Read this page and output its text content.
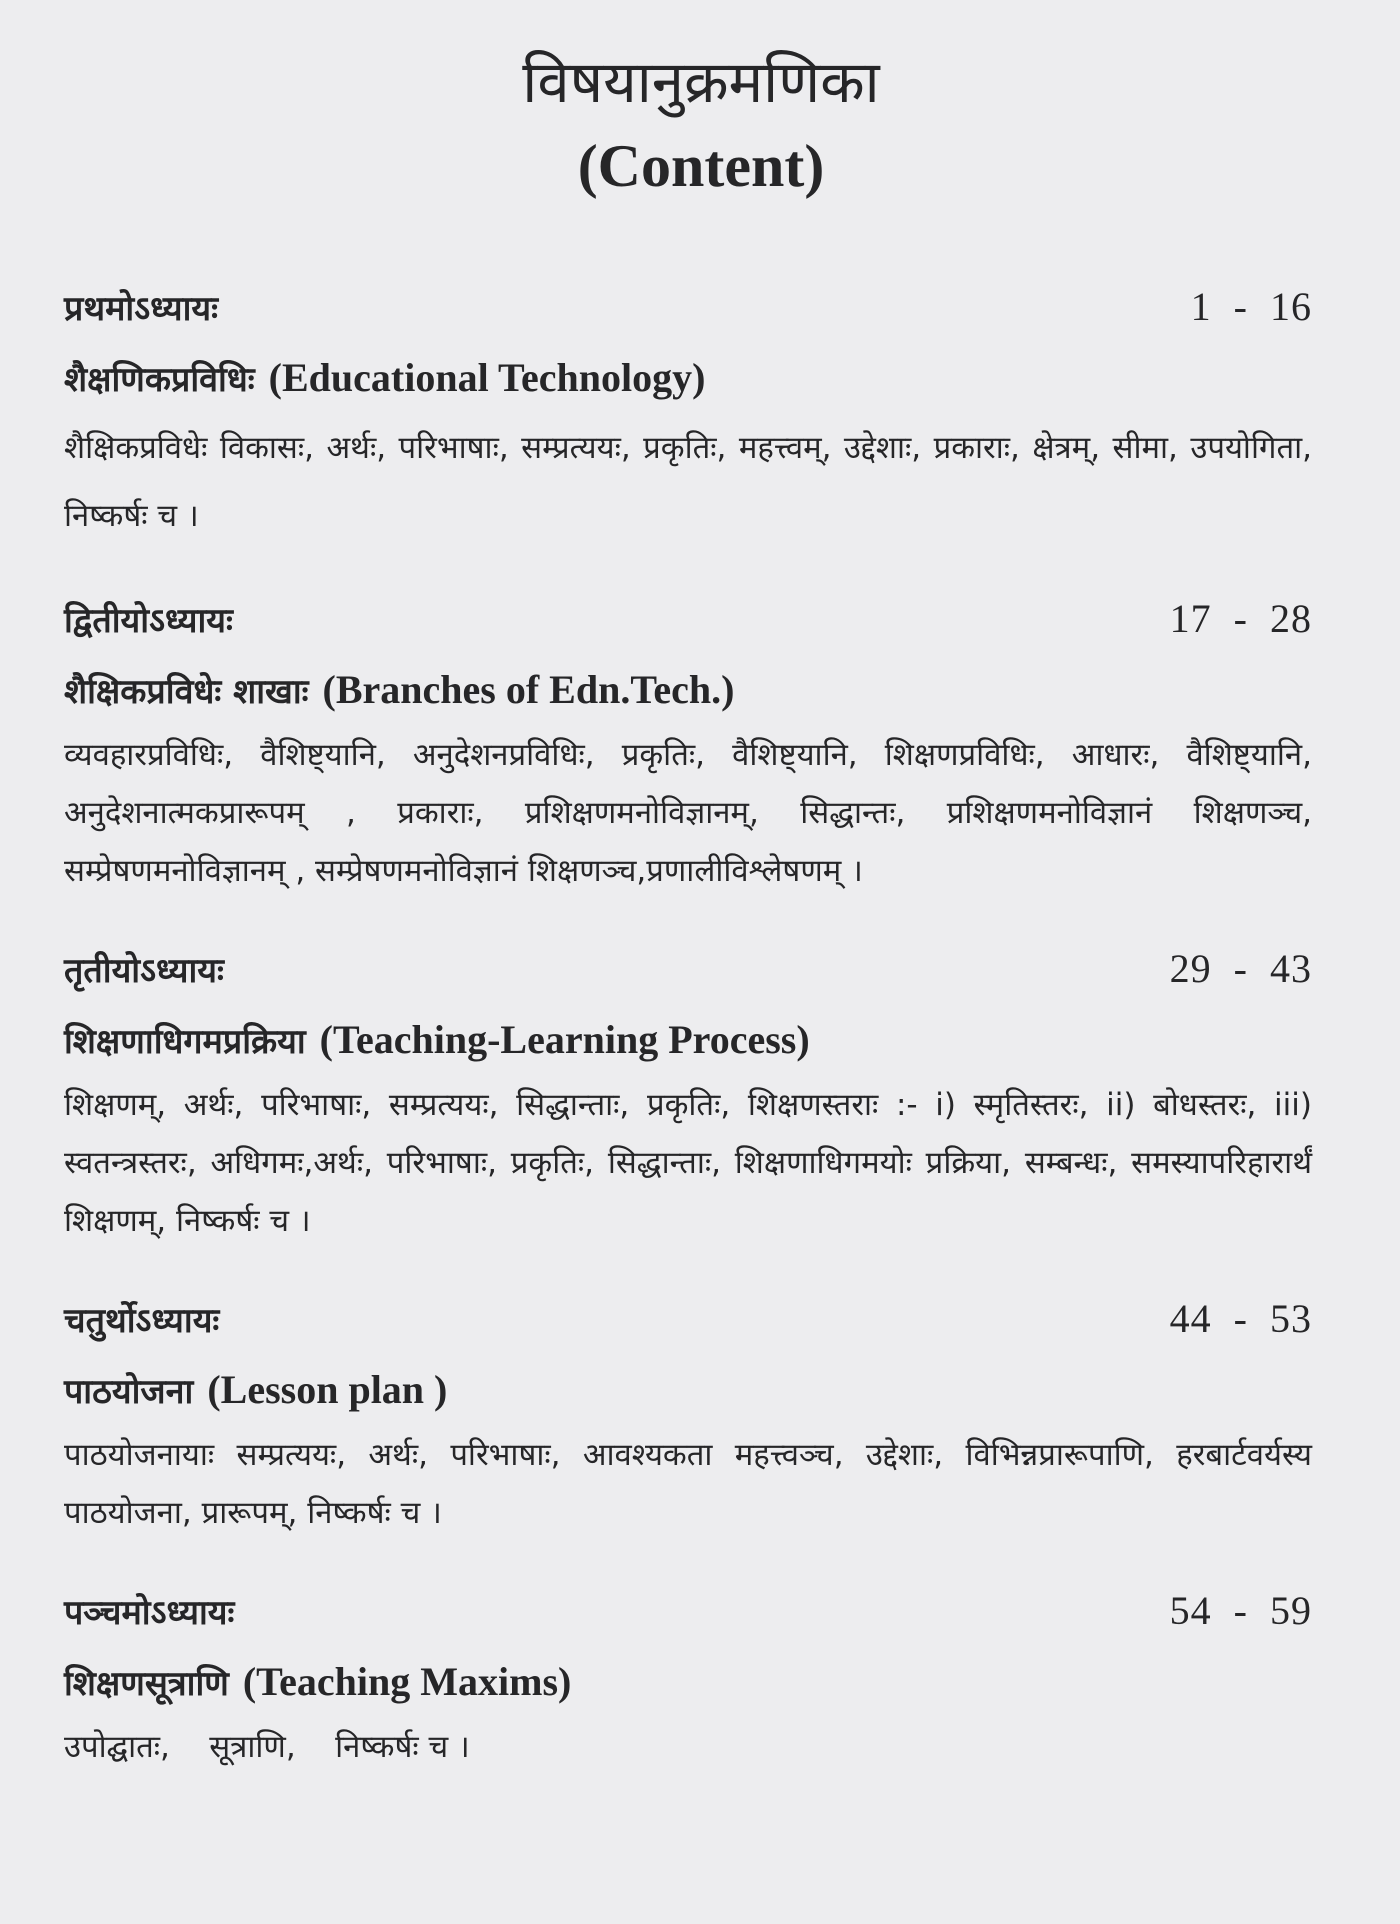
विषयानुक्रमणिका
(Content)
प्रथमोऽध्यायः	1  -  16
शैक्षणिकप्रविधिः (Educational Technology)
शैक्षिकप्रविधेः विकासः, अर्थः, परिभाषाः, सम्प्रत्ययः, प्रकृतिः, महत्त्वम्, उद्देशाः, प्रकाराः, क्षेत्रम्, सीमा, उपयोगिता, निष्कर्षः च ।
द्वितीयोऽध्यायः	17  -  28
शैक्षिकप्रविधेः शाखाः (Branches of Edn.Tech.)
व्यवहारप्रविधिः, वैशिष्ट्यानि, अनुदेशनप्रविधिः, प्रकृतिः, वैशिष्ट्यानि, शिक्षणप्रविधिः, आधारः, वैशिष्ट्यानि, अनुदेशनात्मकप्रारूपम् , प्रकाराः, प्रशिक्षणमनोविज्ञानम्, सिद्धान्तः, प्रशिक्षणमनोविज्ञानं शिक्षणञ्च, सम्प्रेषणमनोविज्ञानम् , सम्प्रेषणमनोविज्ञानं शिक्षणञ्च,प्रणालीविश्लेषणम् ।
तृतीयोऽध्यायः	29  -  43
शिक्षणाधिगमप्रक्रिया (Teaching-Learning Process)
शिक्षणम्, अर्थः, परिभाषाः, सम्प्रत्ययः, सिद्धान्ताः, प्रकृतिः, शिक्षणस्तराः :- i) स्मृतिस्तरः, ii) बोधस्तरः, iii) स्वतन्त्रस्तरः, अधिगमः,अर्थः, परिभाषाः, प्रकृतिः, सिद्धान्ताः, शिक्षणाधिगमयोः प्रक्रिया, सम्बन्धः, समस्यापरिहारार्थं शिक्षणम्, निष्कर्षः च ।
चतुर्थोऽध्यायः	44  -  53
पाठयोजना (Lesson plan )
पाठयोजनायाः सम्प्रत्ययः, अर्थः, परिभाषाः, आवश्यकता महत्त्वञ्च, उद्देशाः, विभिन्नप्रारूपाणि, हरबार्टवर्यस्य पाठयोजना, प्रारूपम्, निष्कर्षः च ।
पञ्चमोऽध्यायः	54  -  59
शिक्षणसूत्राणि (Teaching Maxims)
उपोद्घातः,    सूत्राणि,    निष्कर्षः च ।
